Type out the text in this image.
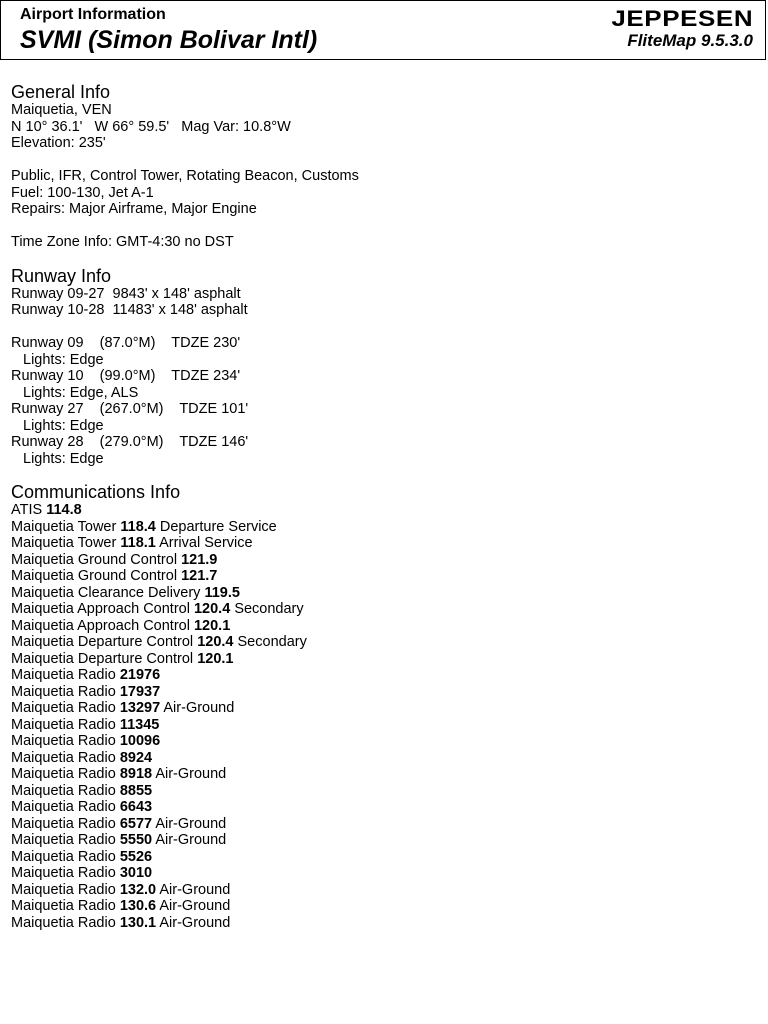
Airport Information
SVMI (Simon Bolivar Intl)
JEPPESEN
FliteMap 9.5.3.0
General Info
Maiquetia, VEN
N 10° 36.1'   W 66° 59.5'   Mag Var: 10.8°W
Elevation: 235'
Public, IFR, Control Tower, Rotating Beacon, Customs
Fuel: 100-130, Jet A-1
Repairs: Major Airframe, Major Engine
Time Zone Info: GMT-4:30 no DST
Runway Info
Runway 09-27  9843' x 148' asphalt
Runway 10-28  11483' x 148' asphalt
Runway 09    (87.0°M)    TDZE 230'
Lights: Edge
Runway 10    (99.0°M)    TDZE 234'
Lights: Edge, ALS
Runway 27    (267.0°M)    TDZE 101'
Lights: Edge
Runway 28    (279.0°M)    TDZE 146'
Lights: Edge
Communications Info
ATIS 114.8
Maiquetia Tower 118.4 Departure Service
Maiquetia Tower 118.1 Arrival Service
Maiquetia Ground Control 121.9
Maiquetia Ground Control 121.7
Maiquetia Clearance Delivery 119.5
Maiquetia Approach Control 120.4 Secondary
Maiquetia Approach Control 120.1
Maiquetia Departure Control 120.4 Secondary
Maiquetia Departure Control 120.1
Maiquetia Radio 21976
Maiquetia Radio 17937
Maiquetia Radio 13297 Air-Ground
Maiquetia Radio 11345
Maiquetia Radio 10096
Maiquetia Radio 8924
Maiquetia Radio 8918 Air-Ground
Maiquetia Radio 8855
Maiquetia Radio 6643
Maiquetia Radio 6577 Air-Ground
Maiquetia Radio 5550 Air-Ground
Maiquetia Radio 5526
Maiquetia Radio 3010
Maiquetia Radio 132.0 Air-Ground
Maiquetia Radio 130.6 Air-Ground
Maiquetia Radio 130.1 Air-Ground
